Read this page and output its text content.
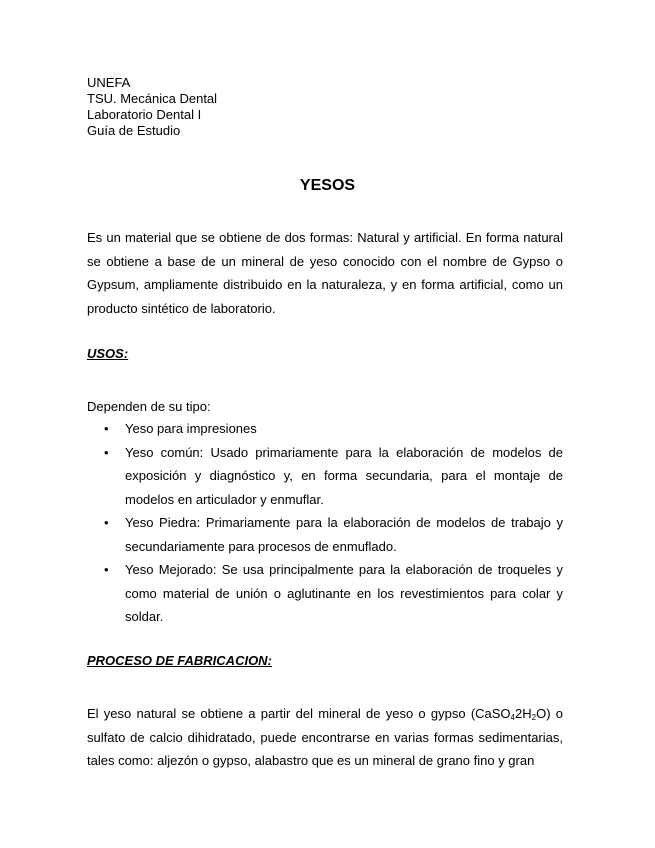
UNEFA
TSU. Mecánica Dental
Laboratorio Dental I
Guía de Estudio
YESOS

Es un material que se obtiene de dos formas: Natural y artificial. En forma natural se obtiene a base de un mineral de yeso conocido con el nombre de Gypso o Gypsum, ampliamente distribuido en la naturaleza, y en forma artificial, como un producto sintético de laboratorio.

USOS:
Dependen de su tipo:
• Yeso para impresiones
• Yeso común: Usado primariamente para la elaboración de modelos de exposición y diagnóstico y, en forma secundaria, para el montaje de modelos en articulador y enmuflar.
• Yeso Piedra: Primariamente para la elaboración de modelos de trabajo y secundariamente para procesos de enmuflado.
• Yeso Mejorado: Se usa principalmente para la elaboración de troqueles y como material de unión o aglutinante en los revestimientos para colar y soldar.
PROCESO DE FABRICACION:

El yeso natural se obtiene a partir del mineral de yeso o gypso $(CaSO_42H_2O)$ o sulfato de calcio dihidratado, puede encontrarse en varias formas sedimentarias, tales como: aljezón o gypso, alabastro que es un mineral de grano fino y gran
